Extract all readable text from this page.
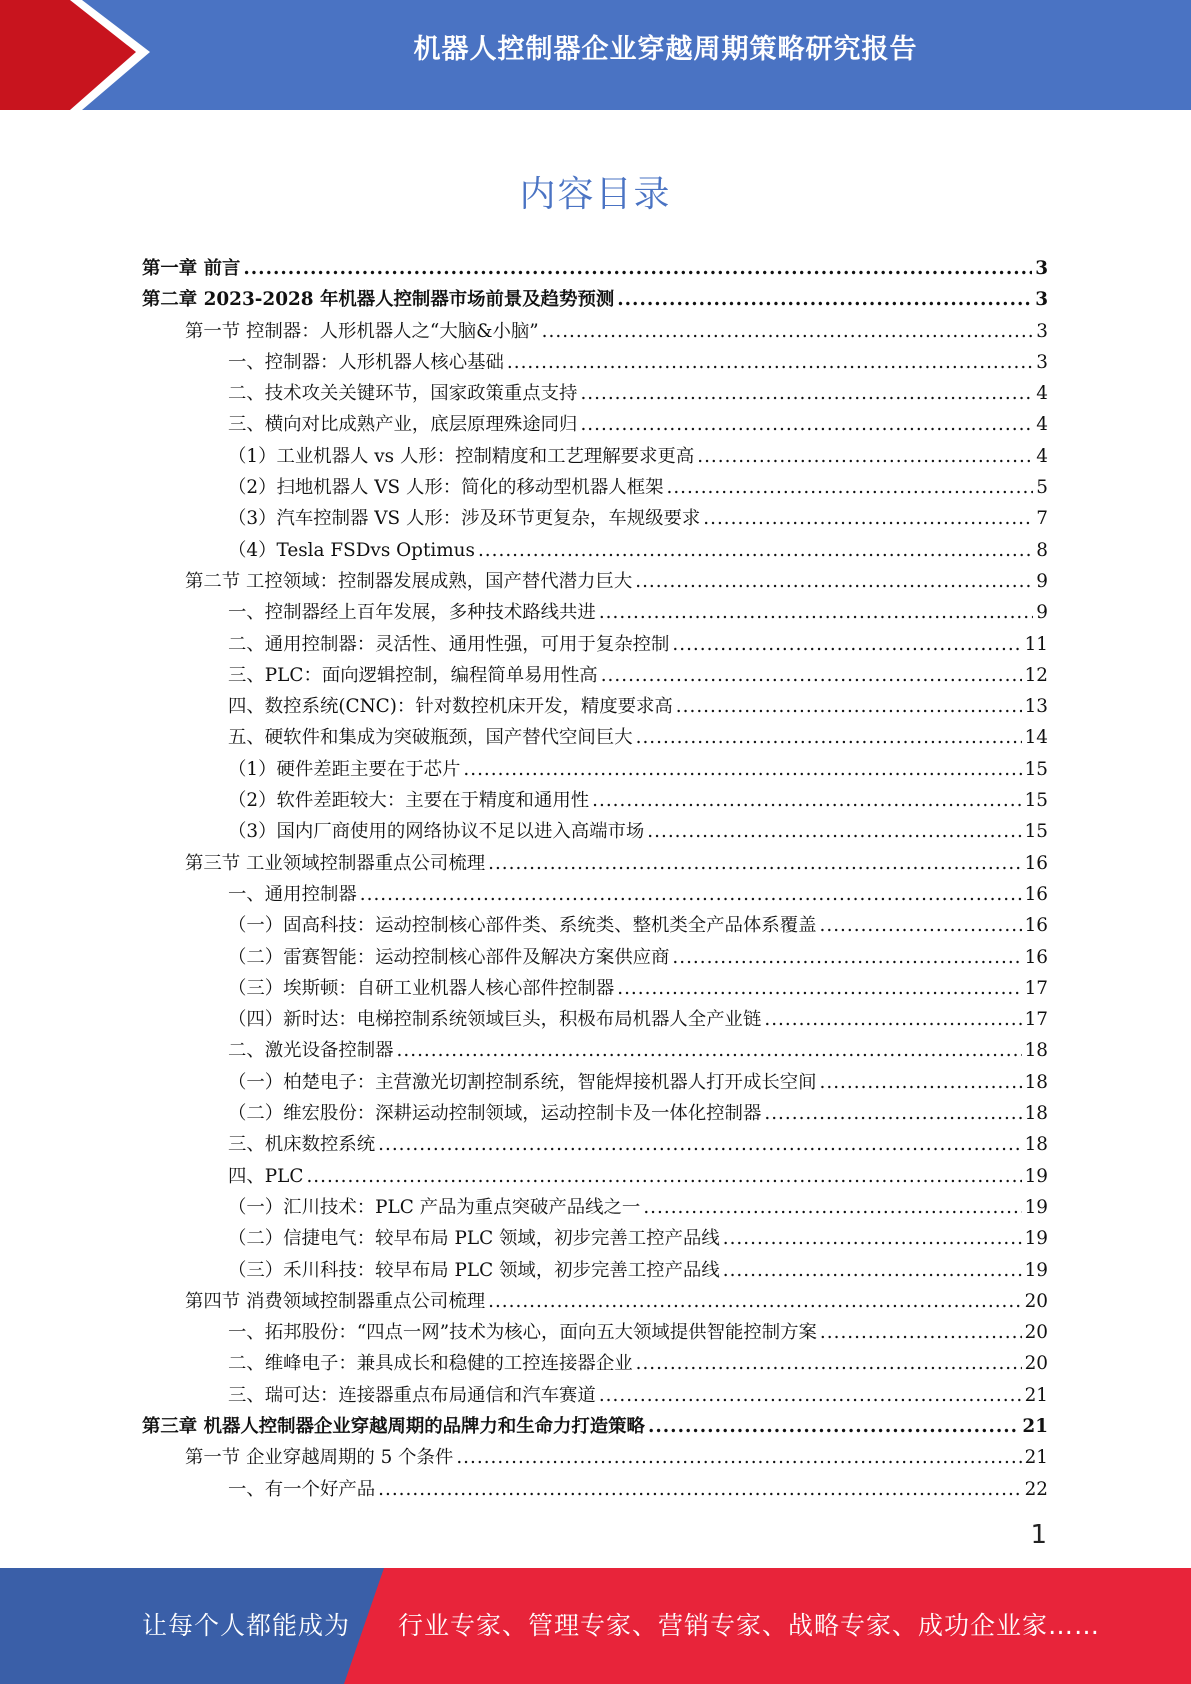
机器人控制器企业穿越周期策略研究报告
内容目录
第一章 前言 .....	3
第二章 2023-2028 年机器人控制器市场前景及趋势预测 .....	3
第一节 控制器：人形机器人之“大脑&小脑” .....	3
一、控制器：人形机器人核心基础 .....	3
二、技术攻关关键环节，国家政策重点支持 .....	4
三、横向对比成熟产业，底层原理殊途同归 .....	4
（1）工业机器人 vs 人形：控制精度和工艺理解要求更高 .....	4
（2）扫地机器人 VS 人形：简化的移动型机器人框架 .....	5
（3）汽车控制器 VS 人形：涉及环节更复杂，车规级要求 .....	7
（4）Tesla FSDvs Optimus .....	8
第二节 工控领域：控制器发展成熟，国产替代潜力巨大 .....	9
一、控制器经上百年发展，多种技术路线共进 .....	9
二、通用控制器：灵活性、通用性强，可用于复杂控制 .....	11
三、PLC：面向逻辑控制，编程简单易用性高 .....	12
四、数控系统(CNC)：针对数控机床开发，精度要求高 .....	13
五、硬软件和集成为突破瓶颈，国产替代空间巨大 .....	14
（1）硬件差距主要在于芯片 .....	15
（2）软件差距较大：主要在于精度和通用性 .....	15
（3）国内厂商使用的网络协议不足以进入高端市场 .....	15
第三节 工业领域控制器重点公司梳理 .....	16
一、通用控制器 .....	16
（一）固高科技：运动控制核心部件类、系统类、整机类全产品体系覆盖 .....	16
（二）雷赛智能：运动控制核心部件及解决方案供应商 .....	16
（三）埃斯顿：自研工业机器人核心部件控制器 .....	17
（四）新时达：电梯控制系统领域巨头，积极布局机器人全产业链 .....	17
二、激光设备控制器 .....	18
（一）柏楚电子：主营激光切割控制系统，智能焊接机器人打开成长空间 .....	18
（二）维宏股份：深耕运动控制领域，运动控制卡及一体化控制器 .....	18
三、机床数控系统 .....	18
四、PLC .....	19
（一）汇川技术：PLC 产品为重点突破产品线之一 .....	19
（二）信捷电气：较早布局 PLC 领域，初步完善工控产品线 .....	19
（三）禾川科技：较早布局 PLC 领域，初步完善工控产品线 .....	19
第四节 消费领域控制器重点公司梳理 .....	20
一、拓邦股份：“四点一网”技术为核心，面向五大领域提供智能控制方案 .....	20
二、维峰电子：兼具成长和稳健的工控连接器企业 .....	20
三、瑞可达：连接器重点布局通信和汽车赛道 .....	21
第三章 机器人控制器企业穿越周期的品牌力和生命力打造策略 .....	21
第一节 企业穿越周期的 5 个条件 .....	21
一、有一个好产品 .....	22
1
让每个人都能成为 行业专家、管理专家、营销专家、战略专家、成功企业家……
